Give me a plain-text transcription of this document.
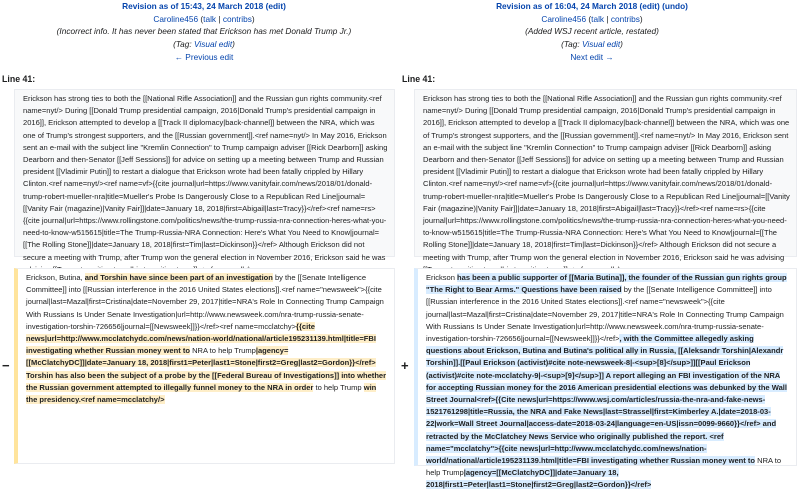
Revision as of 15:43, 24 March 2018 (edit)
Caroline456 (talk | contribs)
(Incorrect info. It has never been stated that Erickson has met Donald Trump Jr.)
(Tag: Visual edit)
← Previous edit
Revision as of 16:04, 24 March 2018 (edit) (undo)
Caroline456 (talk | contribs)
(Added WSJ recent article, restated)
(Tag: Visual edit)
Next edit →
Line 41:	Line 41:
Erickson has strong ties to both the [[National Rifle Association]] and the Russian gun rights community.<ref name=nyt/> During [[Donald Trump presidential campaign, 2016|Donald Trump's presidential campaign in 2016]], Erickson attempted to develop a [[Track II diplomacy|back-channel]] between the NRA, which was one of Trump's strongest supporters, and the [[Russian government]].<ref name=nyt/> In May 2016, Erickson sent an e-mail with the subject line "Kremlin Connection" to Trump campaign adviser [[Rick Dearborn]] asking Dearborn and then-Senator [[Jeff Sessions]] for advice on setting up a meeting between Trump and Russian president [[Vladimir Putin]] to restart a dialogue that Erickson wrote had been fatally crippled by Hillary Clinton.<ref name=nyt/><ref name=vf>{{cite journal|url=https://www.vanityfair.com/news/2018/01/donald-trump-robert-mueller-nra|title=Mueller's Probe Is Dangerously Close to a Republican Red Line|journal=[[Vanity Fair (magazine)|Vanity Fair]]|date=January 18, 2018|first=Abigail|last=Tracy}}</ref><ref name=rs>{{cite journal|url=https://www.rollingstone.com/politics/news/the-trump-russia-nra-connection-heres-what-you-need-to-know-w515615|title=The Trump-Russia-NRA Connection: Here's What You Need to Know|journal=[[The Rolling Stone]]|date=January 18, 2018|first=Tim|last=Dickinson}}</ref> Although Erickson did not secure a meeting with Trump, after Trump won the general election in November 2016, Erickson said he was
Erickson has strong ties to both the [[National Rifle Association]] and the Russian gun rights community.<ref name=nyt/> During [[Donald Trump presidential campaign, 2016|Donald Trump's presidential campaign in 2016]], Erickson attempted to develop a [[Track II diplomacy|back-channel]] between the NRA, which was one of Trump's strongest supporters, and the [[Russian government]].<ref name=nyt/> In May 2016, Erickson sent an e-mail with the subject line "Kremlin Connection" to Trump campaign adviser [[Rick Dearborn]] asking Dearborn and then-Senator [[Jeff Sessions]] for advice on setting up a meeting between Trump and Russian president [[Vladimir Putin]] to restart a dialogue that Erickson wrote had been fatally crippled by Hillary Clinton.<ref name=nyt/><ref name=vf>{{cite journal|url=https://www.vanityfair.com/news/2018/01/donald-trump-robert-mueller-nra|title=Mueller's Probe Is Dangerously Close to a Republican Red Line|journal=[[Vanity Fair (magazine)|Vanity Fair]]|date=January 18, 2018|first=Abigail|last=Tracy}}</ref><ref name=rs>{{cite journal|url=https://www.rollingstone.com/politics/news/the-trump-russia-nra-connection-heres-what-you-need-to-know-w515615|title=The Trump-Russia-NRA Connection: Here's What You Need to Know|journal=[[The Rolling Stone]]|date=January 18, 2018|first=Tim|last=Dickinson}}</ref> Although Erickson did not secure a meeting with Trump, after Trump won the general election in November 2016, Erickson said he was advising
−	+
Erickson, Butina, and Torshin have since been part of an investigation by the [[Senate Intelligence Committee]] into [[Russian interference in the 2016 United States elections]].<ref name="newsweek">{{cite journal|last=Mazal|first=Cristina|date=November 29, 2017|title=NRA's Role In Connecting Trump Campaign With Russians Is Under Senate Investigation|url=http://www.newsweek.com/nra-trump-russia-senate-investigation-torshin-726656|journal=[[Newsweek]]}}</ref><ref name=mcclatchy>{{cite news|url=http://www.mcclatchydc.com/news/nation-world/national/article195231139.html|title=FBI investigating whether Russian money went to NRA to help Trump|agency=[[McClatchyDC]]|date=January 18, 2018|first1=Peter|last1=Stone|first2=Greg|last2=Gordon}}</ref> Torshin has also been the subject of a probe by the [[Federal Bureau of Investigations]] into whether the Russian government attempted to illegally funnel money to the NRA in order to help Trump win the presidency.<ref name=mcclatchy/>
Erickson has been a public supporter of [[Maria Butina]], the founder of the Russian gun rights group "The Right to Bear Arms." Questions have been raised by the [[Senate Intelligence Committee]] into [[Russian interference in the 2016 United States elections]].<ref name="newsweek">{{cite journal|last=Mazal|first=Cristina|date=November 29, 2017|title=NRA's Role In Connecting Trump Campaign With Russians Is Under Senate Investigation|url=http://www.newsweek.com/nra-trump-russia-senate-investigation-torshin-726656|journal=[[Newsweek]]}}</ref>, with the Committee allegedly asking questions about Erickson, Butina and Butina's political ally in Russia, [[Aleksandr Torshin|Alexandr Torshin]].[[Paul Erickson (activist)#cite note-newsweek-8|-<sup>[8]</sup>]][[Paul Erickson (activist)#cite note-mcclatchy-9|-<sup>[9]</sup>]] A report alleging an FBI investigation of the NRA for accepting Russian money for the 2016 American presidential elections was debunked by the Wall Street Journal<ref>{{Cite news|url=https://www.wsj.com/articles/russia-the-nra-and-fake-news-1521761298|title=Russia, the NRA and Fake News|last=Strassel|first=Kimberley A.|date=2018-03-22|work=Wall Street Journal|access-date=2018-03-24|language=en-US|issn=0099-9660}}</ref> and retracted by the McClatchey News Service who originally published the report. <ref name="mcclatchy">{{cite news|url=http://www.mcclatchydc.com/news/nation-world/national/article195231139.html|title=FBI investigating whether Russian money went to NRA to help Trump|agency=[[McClatchyDC]]|date=January 18, 2018|first1=Peter|last1=Stone|first2=Greg|last2=Gordon}}</ref>
